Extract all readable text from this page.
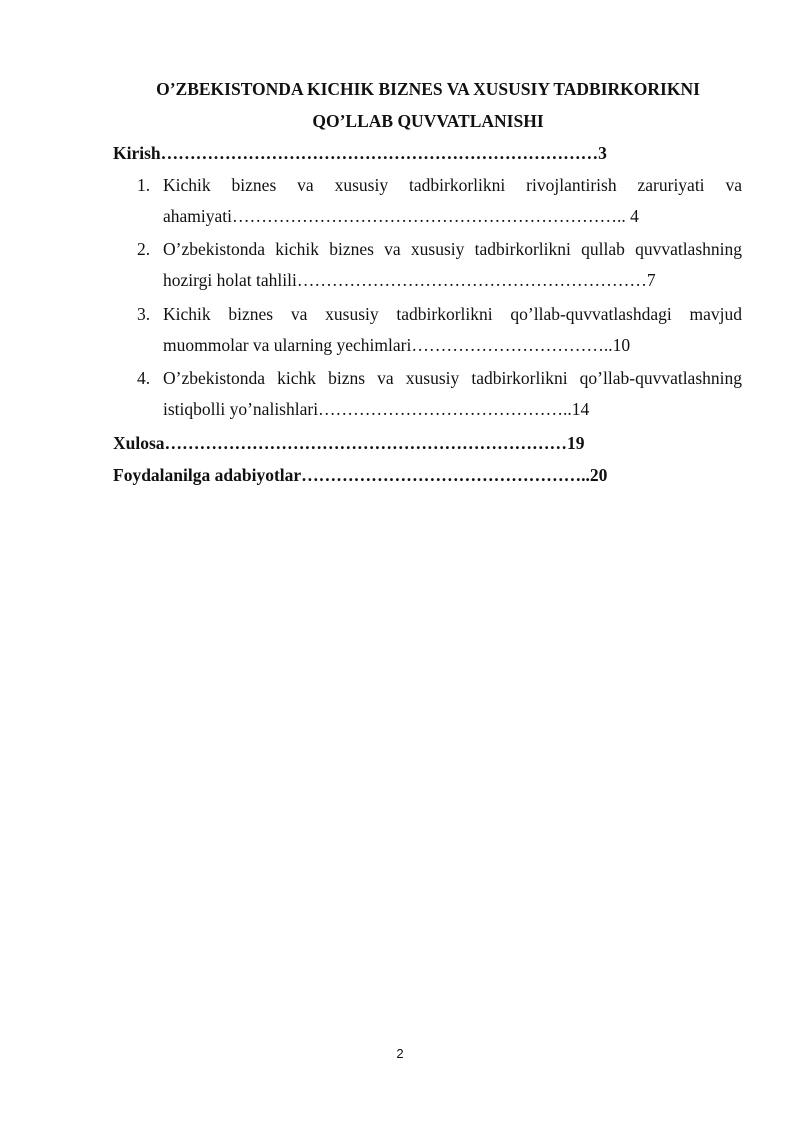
O’ZBEKISTONDA KICHIK BIZNES VA XUSUSIY TADBIRKORIKNI
QO’LLAB QUVVATLANISHI
Kirish…………………………………………………………………3
1. Kichik biznes va xususiy tadbirkorlikni rivojlantirish zaruriyati va
ahamiyati………………………………………………………….. 4
2. O’zbekistonda kichik biznes va xususiy tadbirkorlikni qullab quvvatlashning
hozirgi holat tahlili……………………………………………………7
3. Kichik biznes va xususiy tadbirkorlikni qo’llab-quvvatlashdagi mavjud
muommolar va ularning yechimlari……………………………..10
4. O’zbekistonda kichk bizns va xususiy tadbirkorlikni qo’llab-quvvatlashning
istiqbolli yo’nalishlari……………………………………..14
Xulosa……………………………………………………………19
Foydalanilga adabiyotlar…………………………………………..20
2
